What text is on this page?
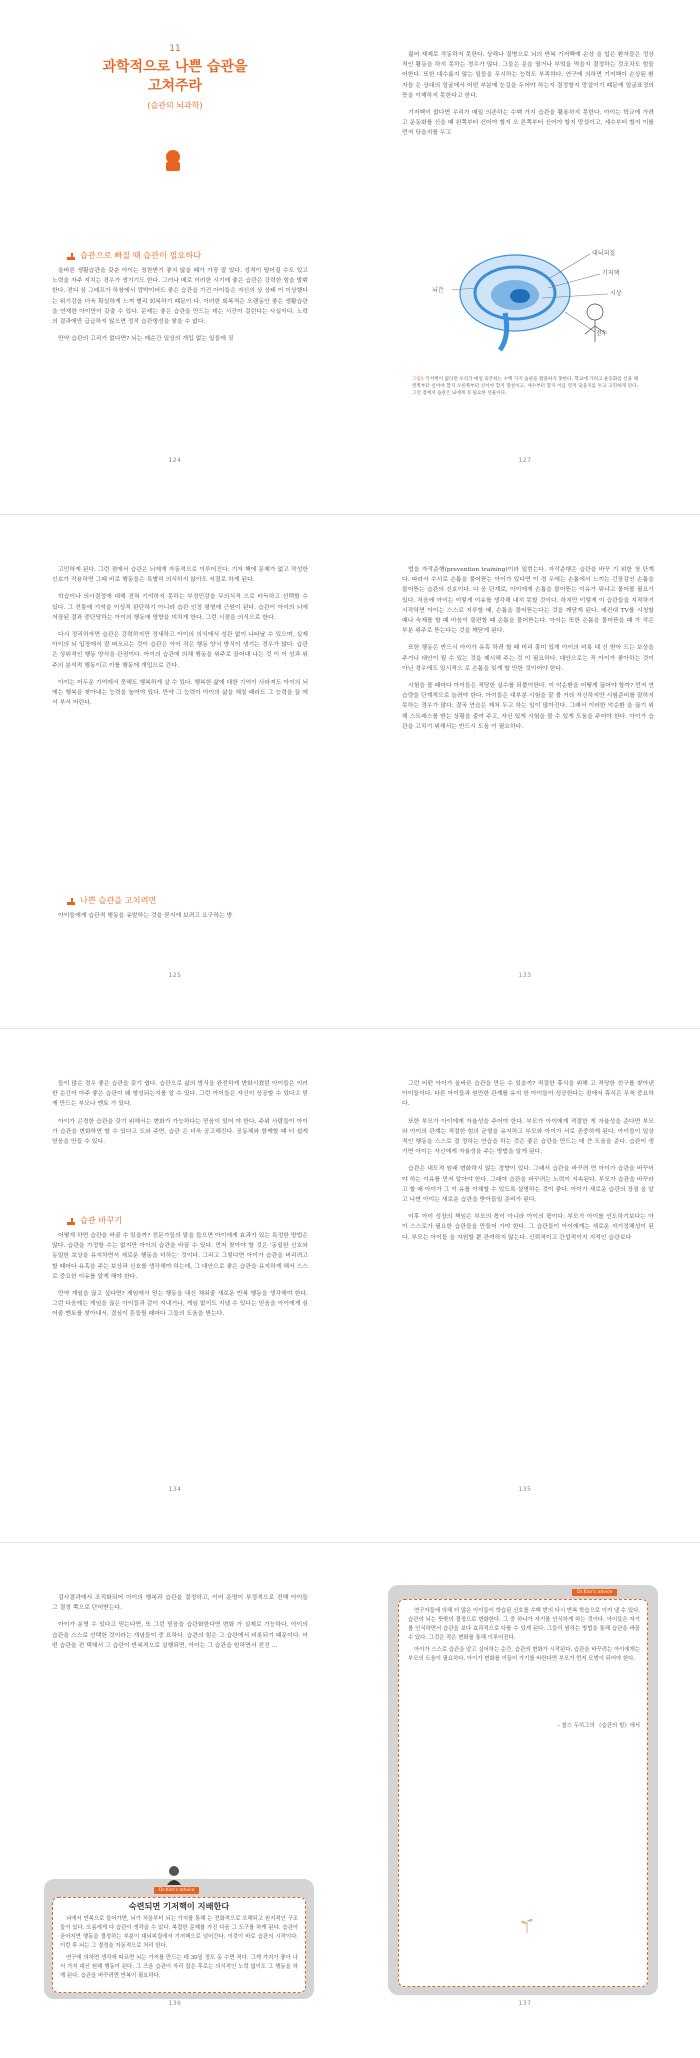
11
과학적으로 나쁜 습관을
고쳐주라
(습관의 뇌과학)
습관으로 빠질 때 습관이 필요하다

올바른 생활습관을 갖춘 아이는 칭찬받기 좋지 않을 때가 가장 잘 있다. 성적이 떨어질 수도 있고 노력을 자주 지치는 경우가 생기기도 한다. 그러나 매로 이러한 시기에 좋은 습관은 강력한 힘을 발휘한다. 전디 심 그레프가 하창에서 깜박이어도 좋은 습관을 가진 아이들은 자신의 상 상태 이 이상했다는 위기감을 더욱 확실하게 느껴 별리 회복하기 때문이 다. 이러한 회복적은 오랜동안 좋은 생활습관을 연재한 아이만이 갖출 수 있다. 문제는 좋은 습관을 만드는 데는 시간이 걸린다는 사실이다. 노력의 결과에만 급급하지 않으면 정작 습관형성을 쌓을 수 없다.

만약 습관의 고리가 없다면? 뇌는 매순간 일상의 개입 없는 일들에 짓

124

짊어 재제로 작동하지 못한다. 상해나 질병으로 뇌의 반복 기저핵에 손상 을 입은 환자들은 정상적인 활동을 하지 못하는 경우가 많다. 그들은 문을 열거나 부엌을 먹을지 결정하는 것조차도 힘들어한다. 또한 대수롭지 않는 일들을 무시하는 능력도 부족하다. 연구에 의하면 기저핵이 손상된 환자들 은 상대의 얼굴에서 어떤 부분에 눈길을 두어야 하는지 결정할지 망설이기 때문에 얼굴표정의 뜻을 이해하지 못한다고 한다.

기저핵이 없다면 우리가 매일 의존하는 수백 가지 습관을 활용하지 못한다. 아이는 학교에 가려고 운동화를 신을 때 왼쪽부터 신어야 할지 오 른쪽부터 신어야 할지 망설이고, 세수부터 할지 이를 먼저 닦을지를 두고

127
대뇌피질
기저핵
시상
뇌간
전두
그림1 기저핵이 없다면 우리가 매일 의존하는 수백 가지 습관을 활용하지 못한다. 학교에 가려고 운동화를 신을 때 왼쪽부터 신어야 할지 오른쪽부터 신어야 할지 망설이고, 세수부터 할지 이를 먼저 닦을지를 두고 고민하게 된다. 그런 점에서 습관은 뇌에게 꼭 필요한 선물이다.

고민하게 된다. 그런 점에서 습관은 뇌에게 자동적으로 이루어진다. 기저 핵에 문제가 없고 작성한 신호가 작용하면 그때 비로 행동들은 특별히 의식하지 않아도 저절로 하게 된다.

학습이나 의사결정에 대해 전혀 기억하지 못하는 부정민감을 무의식적 으로 터득하고 선택할 수 있다. 그 전통에 기억을 이성적 판단하기 아니라 습관 인정 평형에 근원이 된다. 습관이 아이의 뇌에 저장된 결과 중단당하는 아이의 행동에 영향을 미치게 한다. 그런 시점을 의식으로 한다.

다시 정리하자면 습관은 강력하지만 정새하고 아이의 의식에서 성관 없이 나타날 수 있으며, 실제 아이의 뇌 입장에서 잘 떠오르는 것이 습관은 아이 작은 행동 양식 방식이 생기는 경우가 많다. 습관은 상위적인 행동 양식을 관점이다. 아이의 습관에 의해 행동을 위주로 끌어내 나는 것 이 이 성과 위주의 분석적 행동이고 이를 행동에 개입으로 간다.

아이는 어두운 기억에서 뭇해도 행복하게 살 수 있다. 행복한 삶에 대한 기억이 사라져도 아이의 뇌에는 행복을 찾아내는 능력을 높여야 있다. 만약 그 능력이 아이의 삶을 해칠 때라도 그 능력을 끌 에서 부서 어린다.

나쁜 습관을 고치려면

아이들에게 습관적 행동을 유발하는 것을 묻지에 보려고 요구하는 방

125

법을 자작준행(prevention training)이라 일컫는다. 자작준행은 습관을 바꾸 기 위한 첫 단계다. 따라서 수서로 손톱을 물어뜯는 아이가 있다면 이 경 우에는 손톱에서 느끼는 긴장감인 손톱을 물어뜯는 습관의 신호이다. 다 음 단계로, 아이에게 손톱을 물어뜯는 이유가 뭐냐고 물어볼 필요가 있다. 처음에 아이는 이렇게 이유를 생각해 내지 못할 것이다. 하지만 이렇게 이 습관들을 지적하기 시작하면 아이는 스스로 지루할 때, 손톱을 물어뜯는다는 것을 깨닫게 된다. 예컨대 TV를 시청할 때나 숙제를 할 때 마음이 불편할 때 손톱을 물어뜯는다. 아이는 또한 손톱을 물어뜯을 때 가 작은 부분 위주로 뜯는다는 것을 깨닫게 된다.

또한 행동은 반드시 아이가 유혹 하려 할 때 미리 흥미 있게 아이의 비록 대 신 받아 드는 보상을 주거나 대안이 될 수 있는 것을 제시해 주는 것 이 필요하다. 대안으로는 꼭 아이가 좋아하는 것이 아닌 경우에도 일시적으 로 손톱을 잊게 할 만한 것이어야 한다.

시험을 볼 때마다 아이들은 적당한 실수를 되풀이한다. 이 악순환을 어떻게 끊어야 할까? 먼저 연습량을 단계적으로 늘려야 한다. 아이들은 대부분 시험을 잘 볼 거라 자신하지만 시험준비를 잘하지 못하는 경우가 많다. 결국 연습은 제쳐 두고 하는 일이 많아진다. 그래서 이러한 악순환 을 끊기 위해 스트레스를 받는 상황을 줄여 주고, 자신 있게 시험을 볼 수 있게 도움을 주어야 한다. 아이가 습관을 고치기 위해서는 반드시 도움 이 필요하다.

133

들이 많은 경우 좋은 습관을 갖기 쉽다. 습관으로 삶의 방식을 완전하게 변화시켰던 아이들은 이러한 순간이 아주 좋은 습관이 왜 형성되는지를 알 수 있다. 그런 아이들은 자신이 성공할 수 있다고 믿게 만드는 부모나 멘토 가 있다.

아이가 곤경한 습관을 갖기 위해서는 변화가 가능하다는 믿음이 있어 야 한다. 주위 사람들이 아이가 습관을 변화하면 할 수 있다고 도와 주면, 습관 은 더욱 공고해진다. 공동체와 함께할 때 더 쉽게 믿음을 만들 수 있다.

습관 바꾸기

어떻게 하면 습관을 바꿀 수 있을까? 전문가들의 말을 들으면 아이에게 효과가 있는 특정한 방법은 많다. 습관을 가정할 수는 없지만 아이의 습관을 바꿀 수 있다. 먼저 찾아야 할 것은 '동일한 신호와 동일한 보상을 유지하면서 새로운 행동을 더하는' 것이다. 그리고 그렇다면 아이가 습관을 버리려고 할 때마다 유혹을 주는 보상과 신호를 생각해야 하는데, 그 대안으로 좋은 습관을 유지하게 해서 스스로 중요한 이유를 알게 해야 한다.

만약 게임을 끊고 싶다면? 게임에서 얻는 행동을 대신 채워줄 새로운 반복 행동을 생각해야 한다. 그런 다음에는 게임을 끊은 아이들과 같이 지내거나, 게임 없이도 지낼 수 있다는 믿음을 아이에게 심어줄 멘토를 찾아내서, 결심이 흔들릴 때마다 그들의 도움을 받는다.

134

그런 어떤 아이가 올바른 습관을 만든 수 있을까? 적절한 휴식을 위해 고 적당한 친구를 찾아낸 아이들이다. 다른 아이들과 원만한 관계를 유지 한 아이들이 성공한다는 점에서 휴식은 무척 중요하다.

또한 부모가 아이에게 자율성을 주어야 한다. 부모가 아이에게 적절한 게 자율성을 준다면 부모와 아이의 관계는 적절한 힘의 균형을 유지하고 부모와 아이가 서로 존중하게 된다. 아이들이 일상적인 행동을 스스로 결 정하는 연습을 하는 것은 좋은 습관을 만드는 데 큰 도움을 준다. 습관이 생 기면 아이는 자신에게 자율성을 주는 방법을 알게 된다.

습관은 내도적 원래 변화하지 않는 경향이 있다. 그래서 습관을 바꾸려 면 아이가 습관을 바꾸어야 하는 이유를 먼저 알아야 한다. 그래야 습관을 바꾸려는 노력이 지속된다. 부모가 습관을 바꾸라고 할 때 아이가 그 이 유를 이해할 수 있도록 설명하는 것이 좋다. 아이가 새로운 습관의 장점 을 알고 나면 아이는 새로운 습관을 받아들일 준비가 된다.

이후 아이 성장의 책임은 부모의 몫이 아니라 아이의 몫이다. 부모가 아이를 인도하기보다는 아이 스스로가 필요한 습관들을 만들어 가야 한다. 그 습관들이 아이에게는 새로운 자기정체성이 된다. 부모는 아이들 을 지원할 뿐 관여하지 않는다. 신뢰적이고 간섭적이지 지적인 습관보다

135

검사결과에서 조직화되어 아이의 행복과 습관을 결정하고, 이어 운명이 부정적으로 전해 아이들 그 결정 쪽으로 단어받는다.

아이가 운명 수 있다고 믿는다면, 또 그런 믿음을 습관화한다면 변화 가 실제로 가능하다. 아이의 습관을 스스로 선택한 것이라는 개념들이 중 요하다. 습관의 힘은 그 습관에서 비롯되기 때문이다. 어떤 습관을 전 택해서 그 습관이 반복적으로 실행되면, 아이는 그 습관을 원하면서 전진 ...

Dr.Kim's advice
숙련되면 기저핵이 지배한다

뇌에서 반복으로 들어가면, 뇌가 처음부터 뇌는 가지를 통해 는 전화적으로 오해되고 원지적인 구조들이 있다. 오름에게 다 습관이 생각을 수 있다. 복잡한 문제를 가진 다음 그 도구를 하게 된다. 습관이 굳어지면 행동을 결정하는 부분이 대뇌피질에서 기저핵으로 넘어간다. 이것이 바로 습관의 시작이다. 이런 후 뇌는 그 결정을 자동적으로 처리 한다.

연구에 의하면 생각에 따르면 뇌는 가지를 만드는 데 30일 정도 동 수면 적다. 그게 가지가 좋아 나서 가지 대신 원해 행동이 된다. 그 즈음 습관이 자리 잡은 후로는 의식적인 노력 없이도 그 행동을 하게 된다. 습관을 바꾸려면 반복이 필요하다.

136
Dr.Kim's advice

연구자들에 의해 더 많은 아이들이 학습된 신호를 수백 번의 다시 반복 학습으로 이겨 낼 수 있다. 습관의 뇌는 뜻밖의 결정으로 변화한다. 그 중 하나가 자기를 인식하게 하는 것이다. 아이들은 자기를 인식하면서 습관을 보다 효과적으로 다룰 수 있게 된다. 그들이 원하는 방법을 통해 습관을 바꿀 수 있다. 그것은 작은 변화를 통해 이루어진다.

아이가 스스로 습관을 알고 싶어하는 순간, 습관의 변화가 시작된다. 습관을 바꾸려는 아이에게는 부모의 도움이 필요하다. 아이가 변화를 이끌어 가기를 바란다면 부모가 먼저 모범이 되어야 한다.

– 찰스 두히그의 《습관의 힘》에서
137
